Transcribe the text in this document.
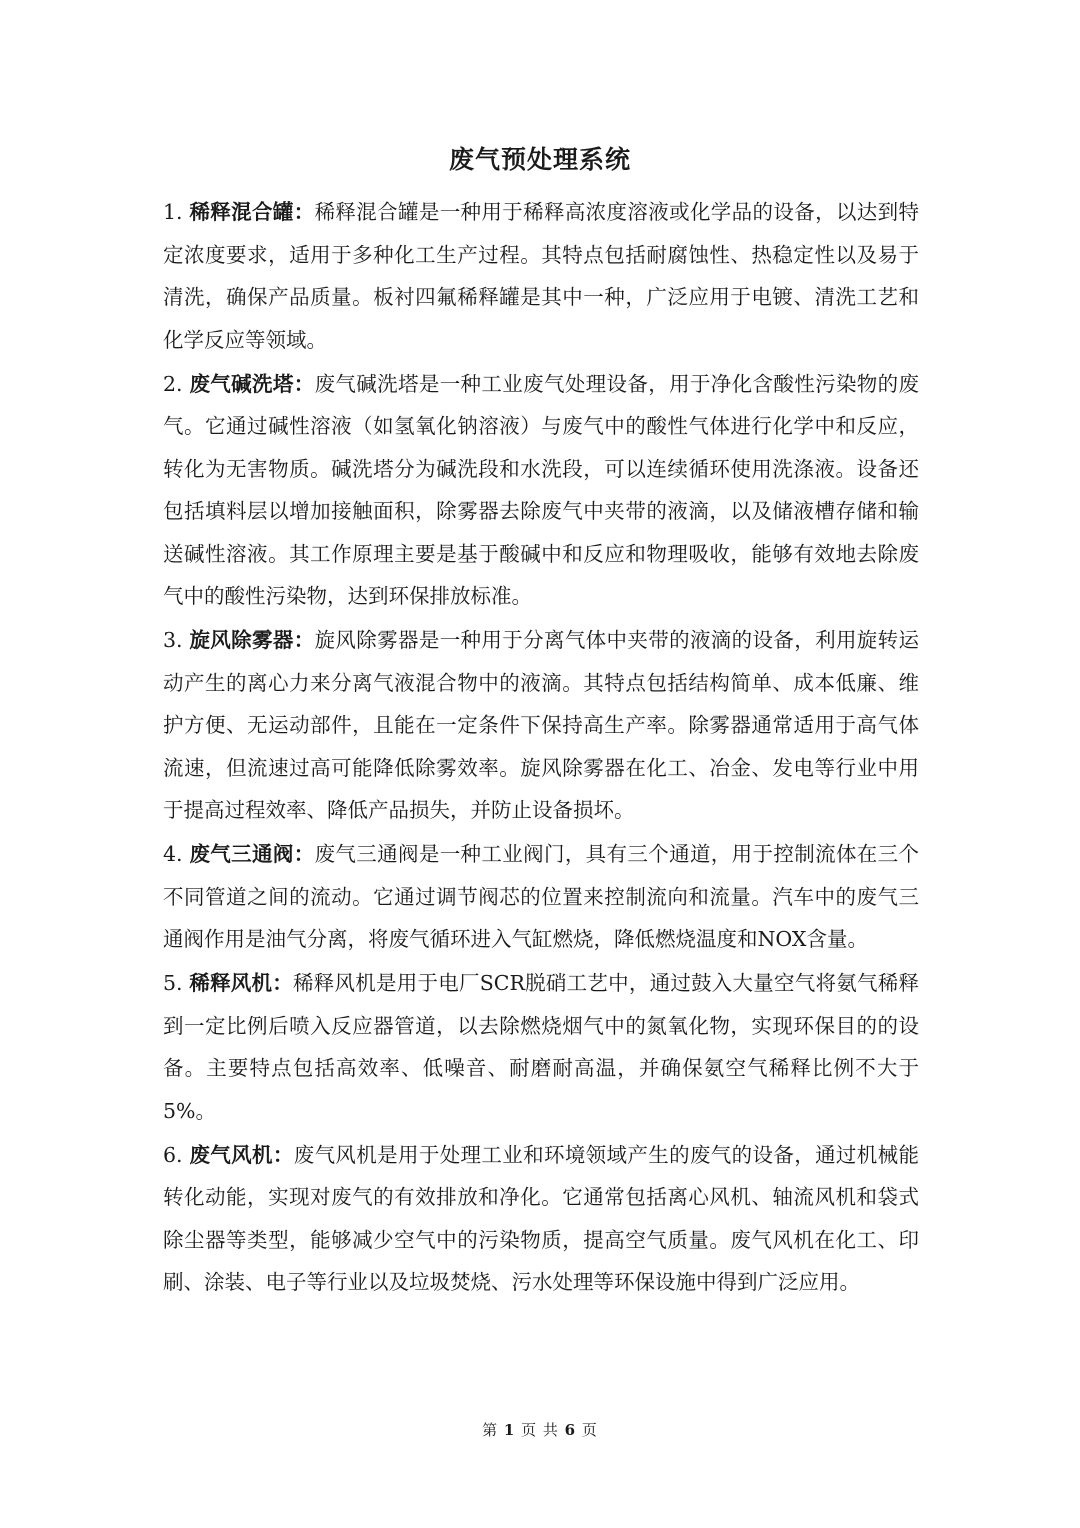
废气预处理系统

1. 稀释混合罐：稀释混合罐是一种用于稀释高浓度溶液或化学品的设备，以达到特定浓度要求，适用于多种化工生产过程。其特点包括耐腐蚀性、热稳定性以及易于清洗，确保产品质量。板衬四氟稀释罐是其中一种，广泛应用于电镀、清洗工艺和化学反应等领域。

2. 废气碱洗塔：废气碱洗塔是一种工业废气处理设备，用于净化含酸性污染物的废气。它通过碱性溶液（如氢氧化钠溶液）与废气中的酸性气体进行化学中和反应，转化为无害物质。碱洗塔分为碱洗段和水洗段，可以连续循环使用洗涤液。设备还包括填料层以增加接触面积，除雾器去除废气中夹带的液滴，以及储液槽存储和输送碱性溶液。其工作原理主要是基于酸碱中和反应和物理吸收，能够有效地去除废气中的酸性污染物，达到环保排放标准。

3. 旋风除雾器：旋风除雾器是一种用于分离气体中夹带的液滴的设备，利用旋转运动产生的离心力来分离气液混合物中的液滴。其特点包括结构简单、成本低廉、维护方便、无运动部件，且能在一定条件下保持高生产率。除雾器通常适用于高气体流速，但流速过高可能降低除雾效率。旋风除雾器在化工、冶金、发电等行业中用于提高过程效率、降低产品损失，并防止设备损坏。

4. 废气三通阀：废气三通阀是一种工业阀门，具有三个通道，用于控制流体在三个不同管道之间的流动。它通过调节阀芯的位置来控制流向和流量。汽车中的废气三通阀作用是油气分离，将废气循环进入气缸燃烧，降低燃烧温度和NOX含量。

5. 稀释风机：稀释风机是用于电厂SCR脱硝工艺中，通过鼓入大量空气将氨气稀释到一定比例后喷入反应器管道，以去除燃烧烟气中的氮氧化物，实现环保目的的设备。主要特点包括高效率、低噪音、耐磨耐高温，并确保氨空气稀释比例不大于5%。

6. 废气风机：废气风机是用于处理工业和环境领域产生的废气的设备，通过机械能转化动能，实现对废气的有效排放和净化。它通常包括离心风机、轴流风机和袋式除尘器等类型，能够减少空气中的污染物质，提高空气质量。废气风机在化工、印刷、涂装、电子等行业以及垃圾焚烧、污水处理等环保设施中得到广泛应用。

第 1 页 共 6 页
